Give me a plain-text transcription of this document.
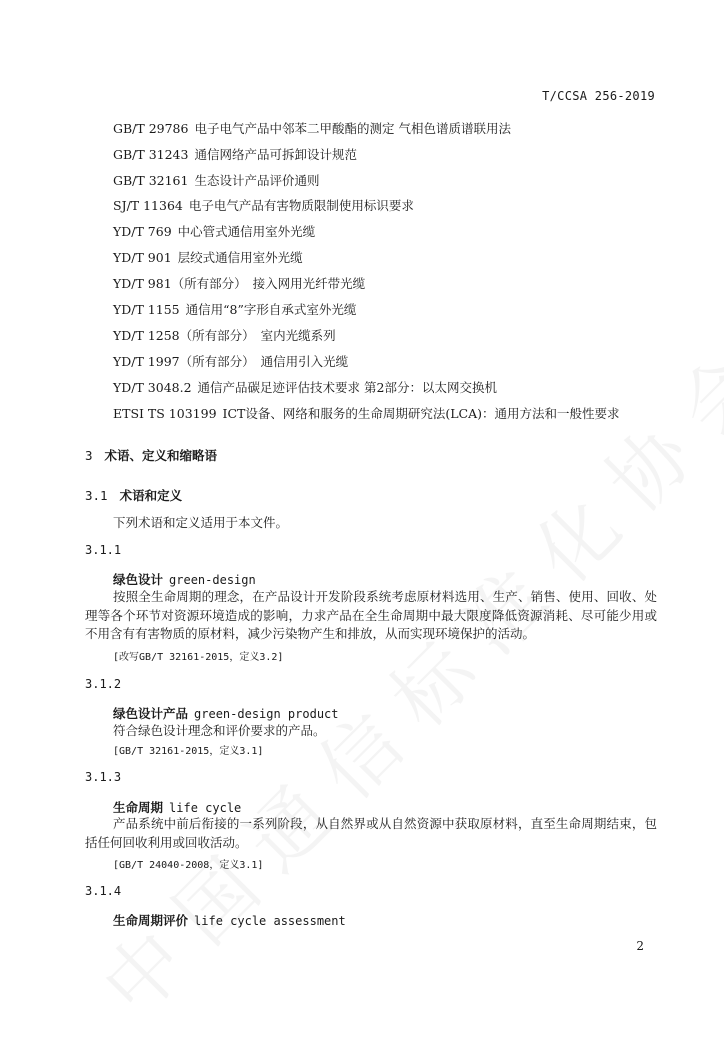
T/CCSA 256-2019
GB/T 29786 电子电气产品中邻苯二甲酸酯的测定 气相色谱质谱联用法
GB/T 31243 通信网络产品可拆卸设计规范
GB/T 32161 生态设计产品评价通则
SJ/T 11364 电子电气产品有害物质限制使用标识要求
YD/T 769 中心管式通信用室外光缆
YD/T 901 层绞式通信用室外光缆
YD/T 981（所有部分） 接入网用光纤带光缆
YD/T 1155 通信用“8”字形自承式室外光缆
YD/T 1258（所有部分） 室内光缆系列
YD/T 1997（所有部分） 通信用引入光缆
YD/T 3048.2 通信产品碳足迹评估技术要求 第2部分：以太网交换机
ETSI TS 103199 ICT设备、网络和服务的生命周期研究法(LCA)：通用方法和一般性要求
3 术语、定义和缩略语
3.1 术语和定义
下列术语和定义适用于本文件。
3.1.1
绿色设计 green-design
按照全生命周期的理念，在产品设计开发阶段系统考虑原材料选用、生产、销售、使用、回收、处理等各个环节对资源环境造成的影响，力求产品在全生命周期中最大限度降低资源消耗、尽可能少用或不用含有有害物质的原材料，减少污染物产生和排放，从而实现环境保护的活动。
[改写GB/T 32161-2015，定义3.2]
3.1.2
绿色设计产品 green-design product
符合绿色设计理念和评价要求的产品。
[GB/T 32161-2015，定义3.1]
3.1.3
生命周期 life cycle
产品系统中前后衔接的一系列阶段，从自然界或从自然资源中获取原材料，直至生命周期结束，包括任何回收利用或回收活动。
[GB/T 24040-2008，定义3.1]
3.1.4
生命周期评价 life cycle assessment
2
